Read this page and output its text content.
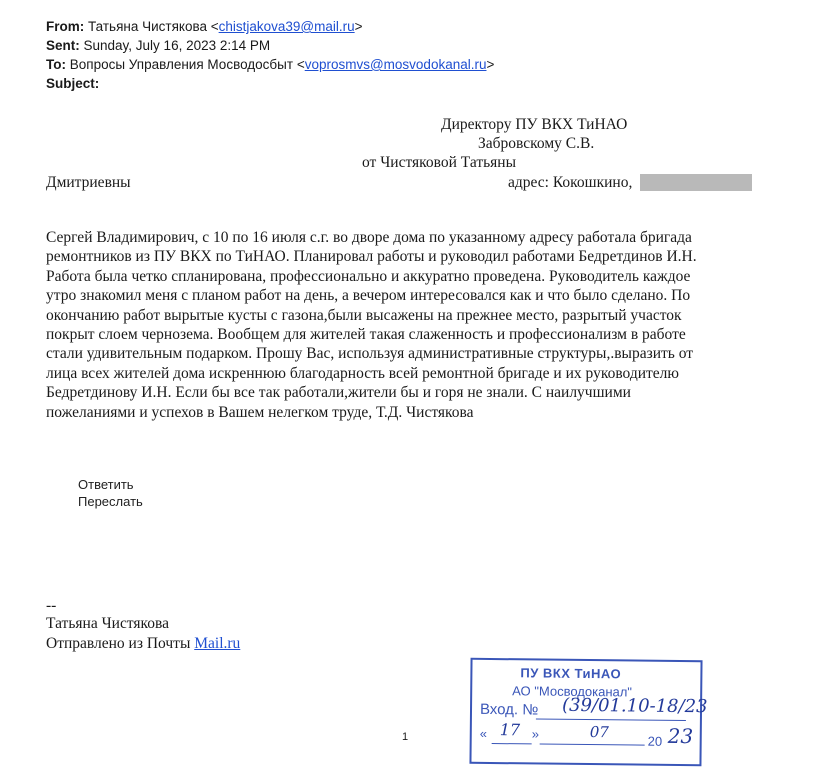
From: Татьяна Чистякова <chistjakova39@mail.ru>
Sent: Sunday, July 16, 2023 2:14 PM
To: Вопросы Управления Мосводосбыт <voprosmvs@mosvodokanal.ru>
Subject:
Директору ПУ ВКХ ТиНАО
Забровскому С.В.
от Чистяковой Татьяны
Дмитриевны	адрес: Кокошкино,
Сергей Владимирович, с 10 по 16 июля с.г. во дворе дома по указанному адресу работала бригада
ремонтников из ПУ ВКХ по ТиНАО. Планировал работы и руководил работами Бедретдинов И.Н.
Работа была четко спланирована, профессионально и аккуратно проведена. Руководитель каждое
утро знакомил меня с планом работ на день, а вечером интересовался как и что было сделано. По
окончанию работ вырытые кусты с газона,были высажены на прежнее место, разрытый участок
покрыт слоем чернозема. Вообщем для жителей такая слаженность и профессионализм в работе
стали удивительным подарком. Прошу Вас, используя административные структуры,.выразить от
лица всех жителей дома искреннюю благодарность всей ремонтной бригаде и их руководителю
Бедретдинову И.Н. Если бы все так работали,жители бы и горя не знали. С наилучшими
пожеланиями и успехов в Вашем нелегком труде, Т.Д. Чистякова
Ответить
Переслать
--
Татьяна Чистякова
Отправлено из Почты Mail.ru
1
ПУ ВКХ ТиНАО
АО "Мосводоканал"
Вход. № (39/01.10-18/23
« 17 »	07	20 23
